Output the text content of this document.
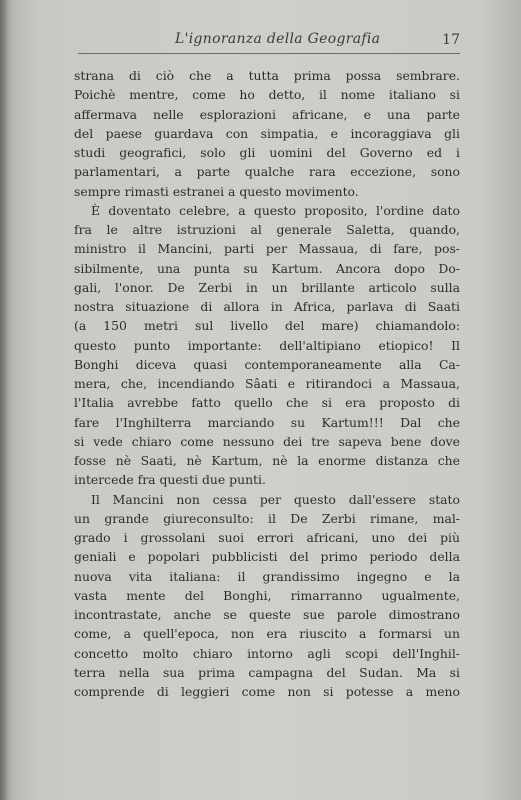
L'ignoranza della Geografia	17
strana di ciò che a tutta prima possa sembrare.
Poichè mentre, come ho detto, il nome italiano si
affermava nelle esplorazioni africane, e una parte
del paese guardava con simpatia, e incoraggiava gli
studi geografici, solo gli uomini del Governo ed i
parlamentari, a parte qualche rara eccezione, sono
sempre rimasti estranei a questo movimento.
È doventato celebre, a questo proposito, l'ordine dato
fra le altre istruzioni al generale Saletta, quando,
ministro il Mancini, parti per Massaua, di fare, pos-
sibilmente, una punta su Kartum. Ancora dopo Do-
gali, l'onor. De Zerbi in un brillante articolo sulla
nostra situazione di allora in Africa, parlava di Saati
(a 150 metri sul livello del mare) chiamandolo:
questo punto importante: dell'altipiano etiopico! Il
Bonghi diceva quasi contemporaneamente alla Ca-
mera, che, incendiando Sâati e ritirandoci a Massaua,
l'Italia avrebbe fatto quello che si era proposto di
fare l'Inghilterra marciando su Kartum!!! Dal che
si vede chiaro come nessuno dei tre sapeva bene dove
fosse nè Saati, nè Kartum, nè la enorme distanza che
intercede fra questi due punti.
Il Mancini non cessa per questo dall'essere stato
un grande giureconsulto: il De Zerbi rimane, mal-
grado i grossolani suoi errori africani, uno dei più
geniali e popolari pubblicisti del primo periodo della
nuova vita italiana: il grandissimo ingegno e la
vasta mente del Bonghi, rimarranno ugualmente,
incontrastate, anche se queste sue parole dimostrano
come, a quell'epoca, non era riuscito a formarsi un
concetto molto chiaro intorno agli scopi dell'Inghil-
terra nella sua prima campagna del Sudan. Ma si
comprende di leggieri come non si potesse a meno
